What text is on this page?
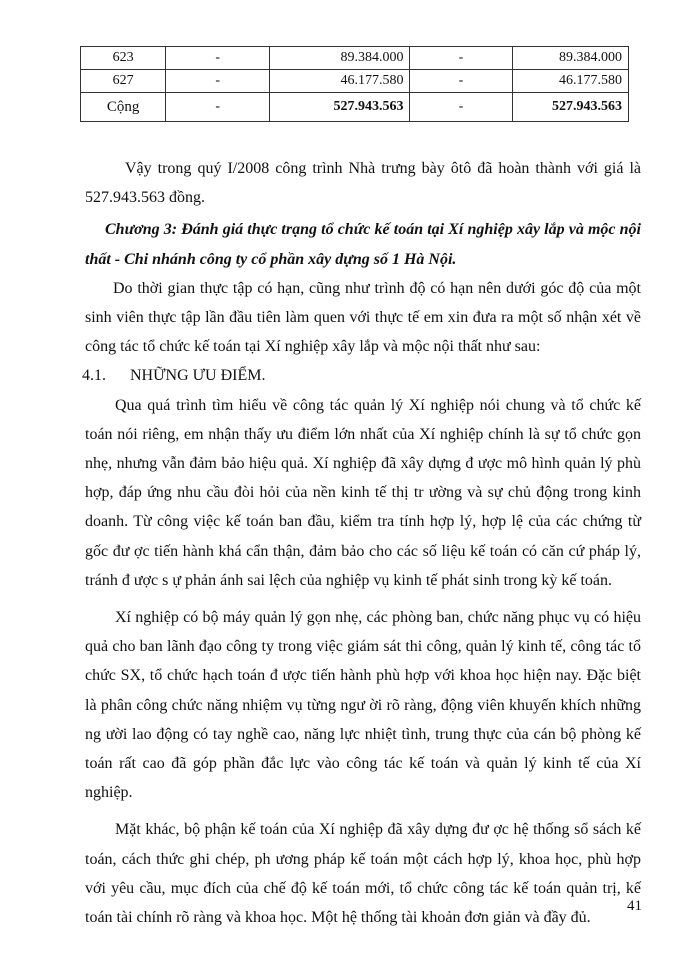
623	-	89.384.000	-	89.384.000
627	-	46.177.580	-	46.177.580
Cộng	-	527.943.563	-	527.943.563

Vậy trong quý I/2008 công trình Nhà trưng bày ôtô đã hoàn thành với giá là 527.943.563 đồng.

Chương 3: Đánh giá thực trạng tổ chức kế toán tại Xí nghiệp xây lắp và mộc nội thất - Chi nhánh công ty cổ phần xây dựng số 1 Hà Nội.

Do thời gian thực tập có hạn, cũng như trình độ có hạn nên dưới góc độ của một sinh viên thực tập lần đầu tiên làm quen với thực tế em xin đưa ra một số nhận xét về công tác tổ chức kế toán tại Xí nghiệp xây lắp và mộc nội thất như sau:

4.1.      NHỮNG ƯU ĐIỂM.

Qua quá trình tìm hiểu về công tác quản lý Xí nghiệp nói chung và tổ chức kế toán nói riêng, em nhận thấy ưu điểm lớn nhất của Xí nghiệp chính là sự tổ chức gọn nhẹ, nhưng vẫn đảm bảo hiệu quả. Xí nghiệp đã xây dựng đ ược mô hình quản lý phù hợp, đáp ứng nhu cầu đòi hỏi của nền kinh tế thị tr ường và sự chủ động trong kinh doanh. Từ công việc kế toán ban đầu, kiểm tra tính hợp lý, hợp lệ của các chứng từ gốc đư ợc tiến hành khá cẩn thận, đảm bảo cho các số liệu kế toán có căn cứ pháp lý, tránh đ ược s ự phản ánh sai lệch của nghiệp vụ kinh tế phát sinh trong kỳ kế toán.

Xí nghiệp có bộ máy quản lý gọn nhẹ, các phòng ban, chức năng phục vụ có hiệu quả cho ban lãnh đạo công ty trong việc giám sát thi công, quản lý kinh tế, công tác tổ chức SX, tổ chức hạch toán đ ược tiến hành phù hợp với khoa học hiện nay. Đặc biệt là phân công chức năng nhiệm vụ từng ngư ời rõ ràng, động viên khuyến khích những ng ười lao động có tay nghề cao, năng lực nhiệt tình, trung thực của cán bộ phòng kế toán rất cao đã góp phần đắc lực vào công tác kế toán và quản lý kinh tế của Xí nghiệp.

Mặt khác, bộ phận kế toán của Xí nghiệp đã xây dựng đư ợc hệ thống sổ sách kế toán, cách thức ghi chép, ph ương pháp kế toán một cách hợp lý, khoa học, phù hợp với yêu cầu, mục đích của chế độ kế toán mới, tổ chức công tác kế toán quản trị, kế toán tài chính rõ ràng và khoa học. Một hệ thống tài khoản đơn giản và đầy đủ.

41
